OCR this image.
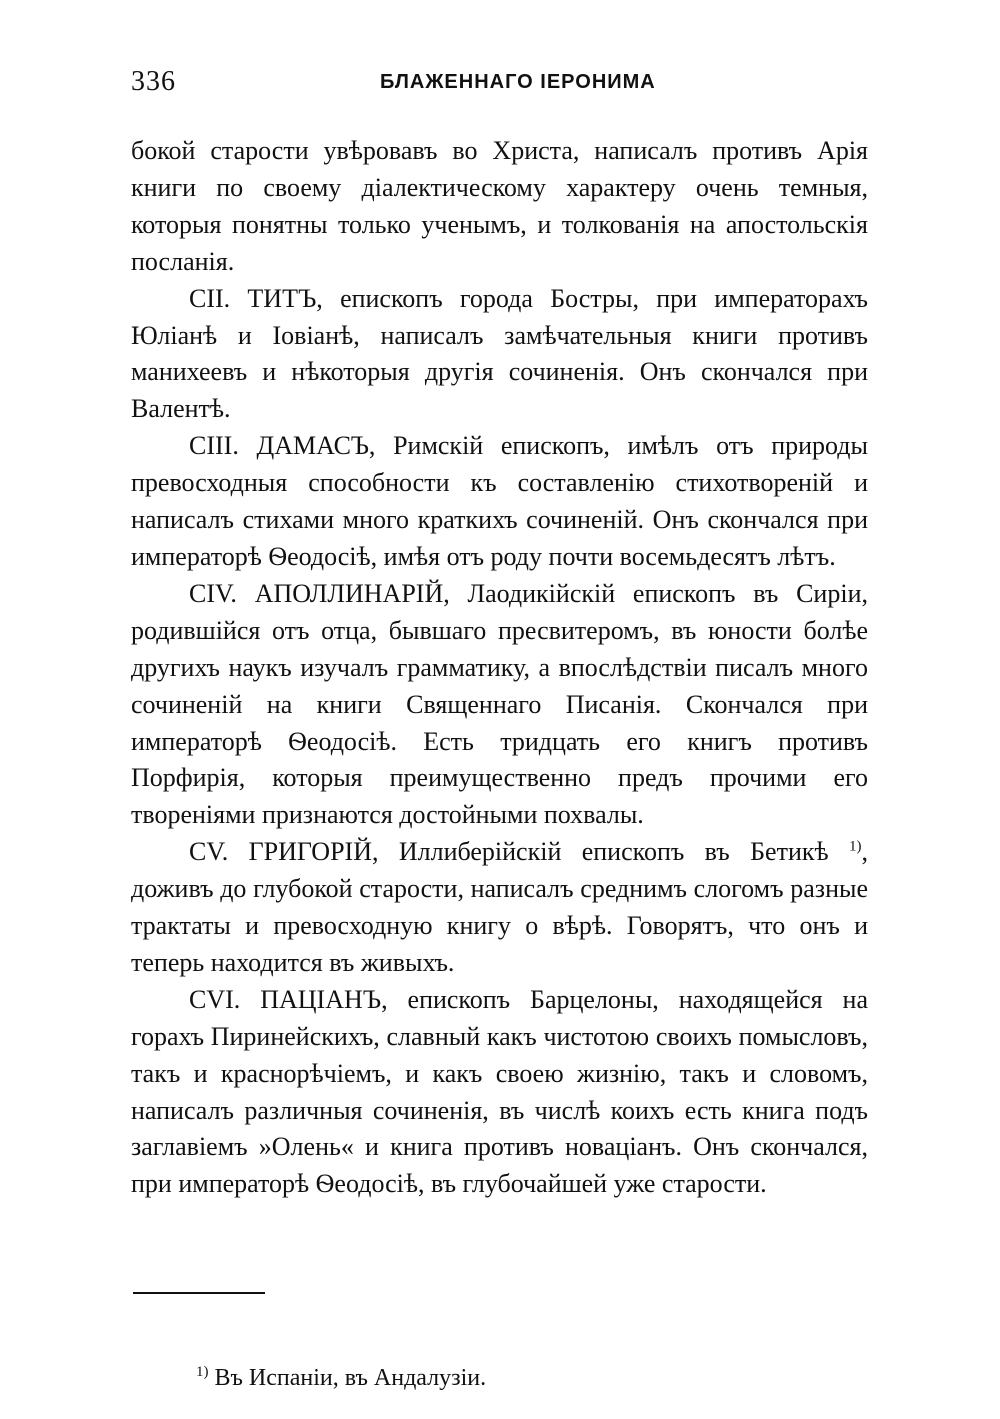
336	БЛАЖЕННАГО ІЕРОНИМА

бокой старости увѣровавъ во Христа, написалъ противъ Арія книги по своему діалектическому характеру очень темныя, которыя понятны только ученымъ, и толкованія на апостольскія посланія.

CII. ТИТЪ, епископъ города Бостры, при императорахъ Юліанѣ и Іовіанѣ, написалъ замѣчательныя книги противъ манихеевъ и нѣкоторыя другія сочиненія. Онъ скончался при Валентѣ.

CIII. ДАМАСЪ, Римскій епископъ, имѣлъ отъ природы превосходныя способности къ составленію стихотвореній и написалъ стихами много краткихъ сочиненій. Онъ скончался при императорѣ Ѳеодосіѣ, имѣя отъ роду почти восемьдесятъ лѣтъ.

CIV. АПОЛЛИНАРІЙ, Лаодикійскій епископъ въ Сиріи, родившійся отъ отца, бывшаго пресвитеромъ, въ юности болѣе другихъ наукъ изучалъ грамматику, а впослѣдствіи писалъ много сочиненій на книги Священнаго Писанія. Скончался при императорѣ Ѳеодосіѣ. Есть тридцать его книгъ противъ Порфирія, которыя преимущественно предъ прочими его твореніями признаются достойными похвалы.

CV. ГРИГОРІЙ, Иллиберійскій епископъ въ Бетикѣ $^{1)}$, доживъ до глубокой старости, написалъ среднимъ слогомъ разные трактаты и превосходную книгу о вѣрѣ. Говорятъ, что онъ и теперь находится въ живыхъ.

CVI. ПАЦІАНЪ, епископъ Барцелоны, находящейся на горахъ Пиринейскихъ, славный какъ чистотою своихъ помысловъ, такъ и краснорѣчіемъ, и какъ своею жизнію, такъ и словомъ, написалъ различныя сочиненія, въ числѣ коихъ есть книга подъ заглавіемъ »Олень« и книга противъ новаціанъ. Онъ скончался, при императорѣ Ѳеодосіѣ, въ глубочайшей уже старости.

$^{1)}$ Въ Испаніи, въ Андалузіи.
